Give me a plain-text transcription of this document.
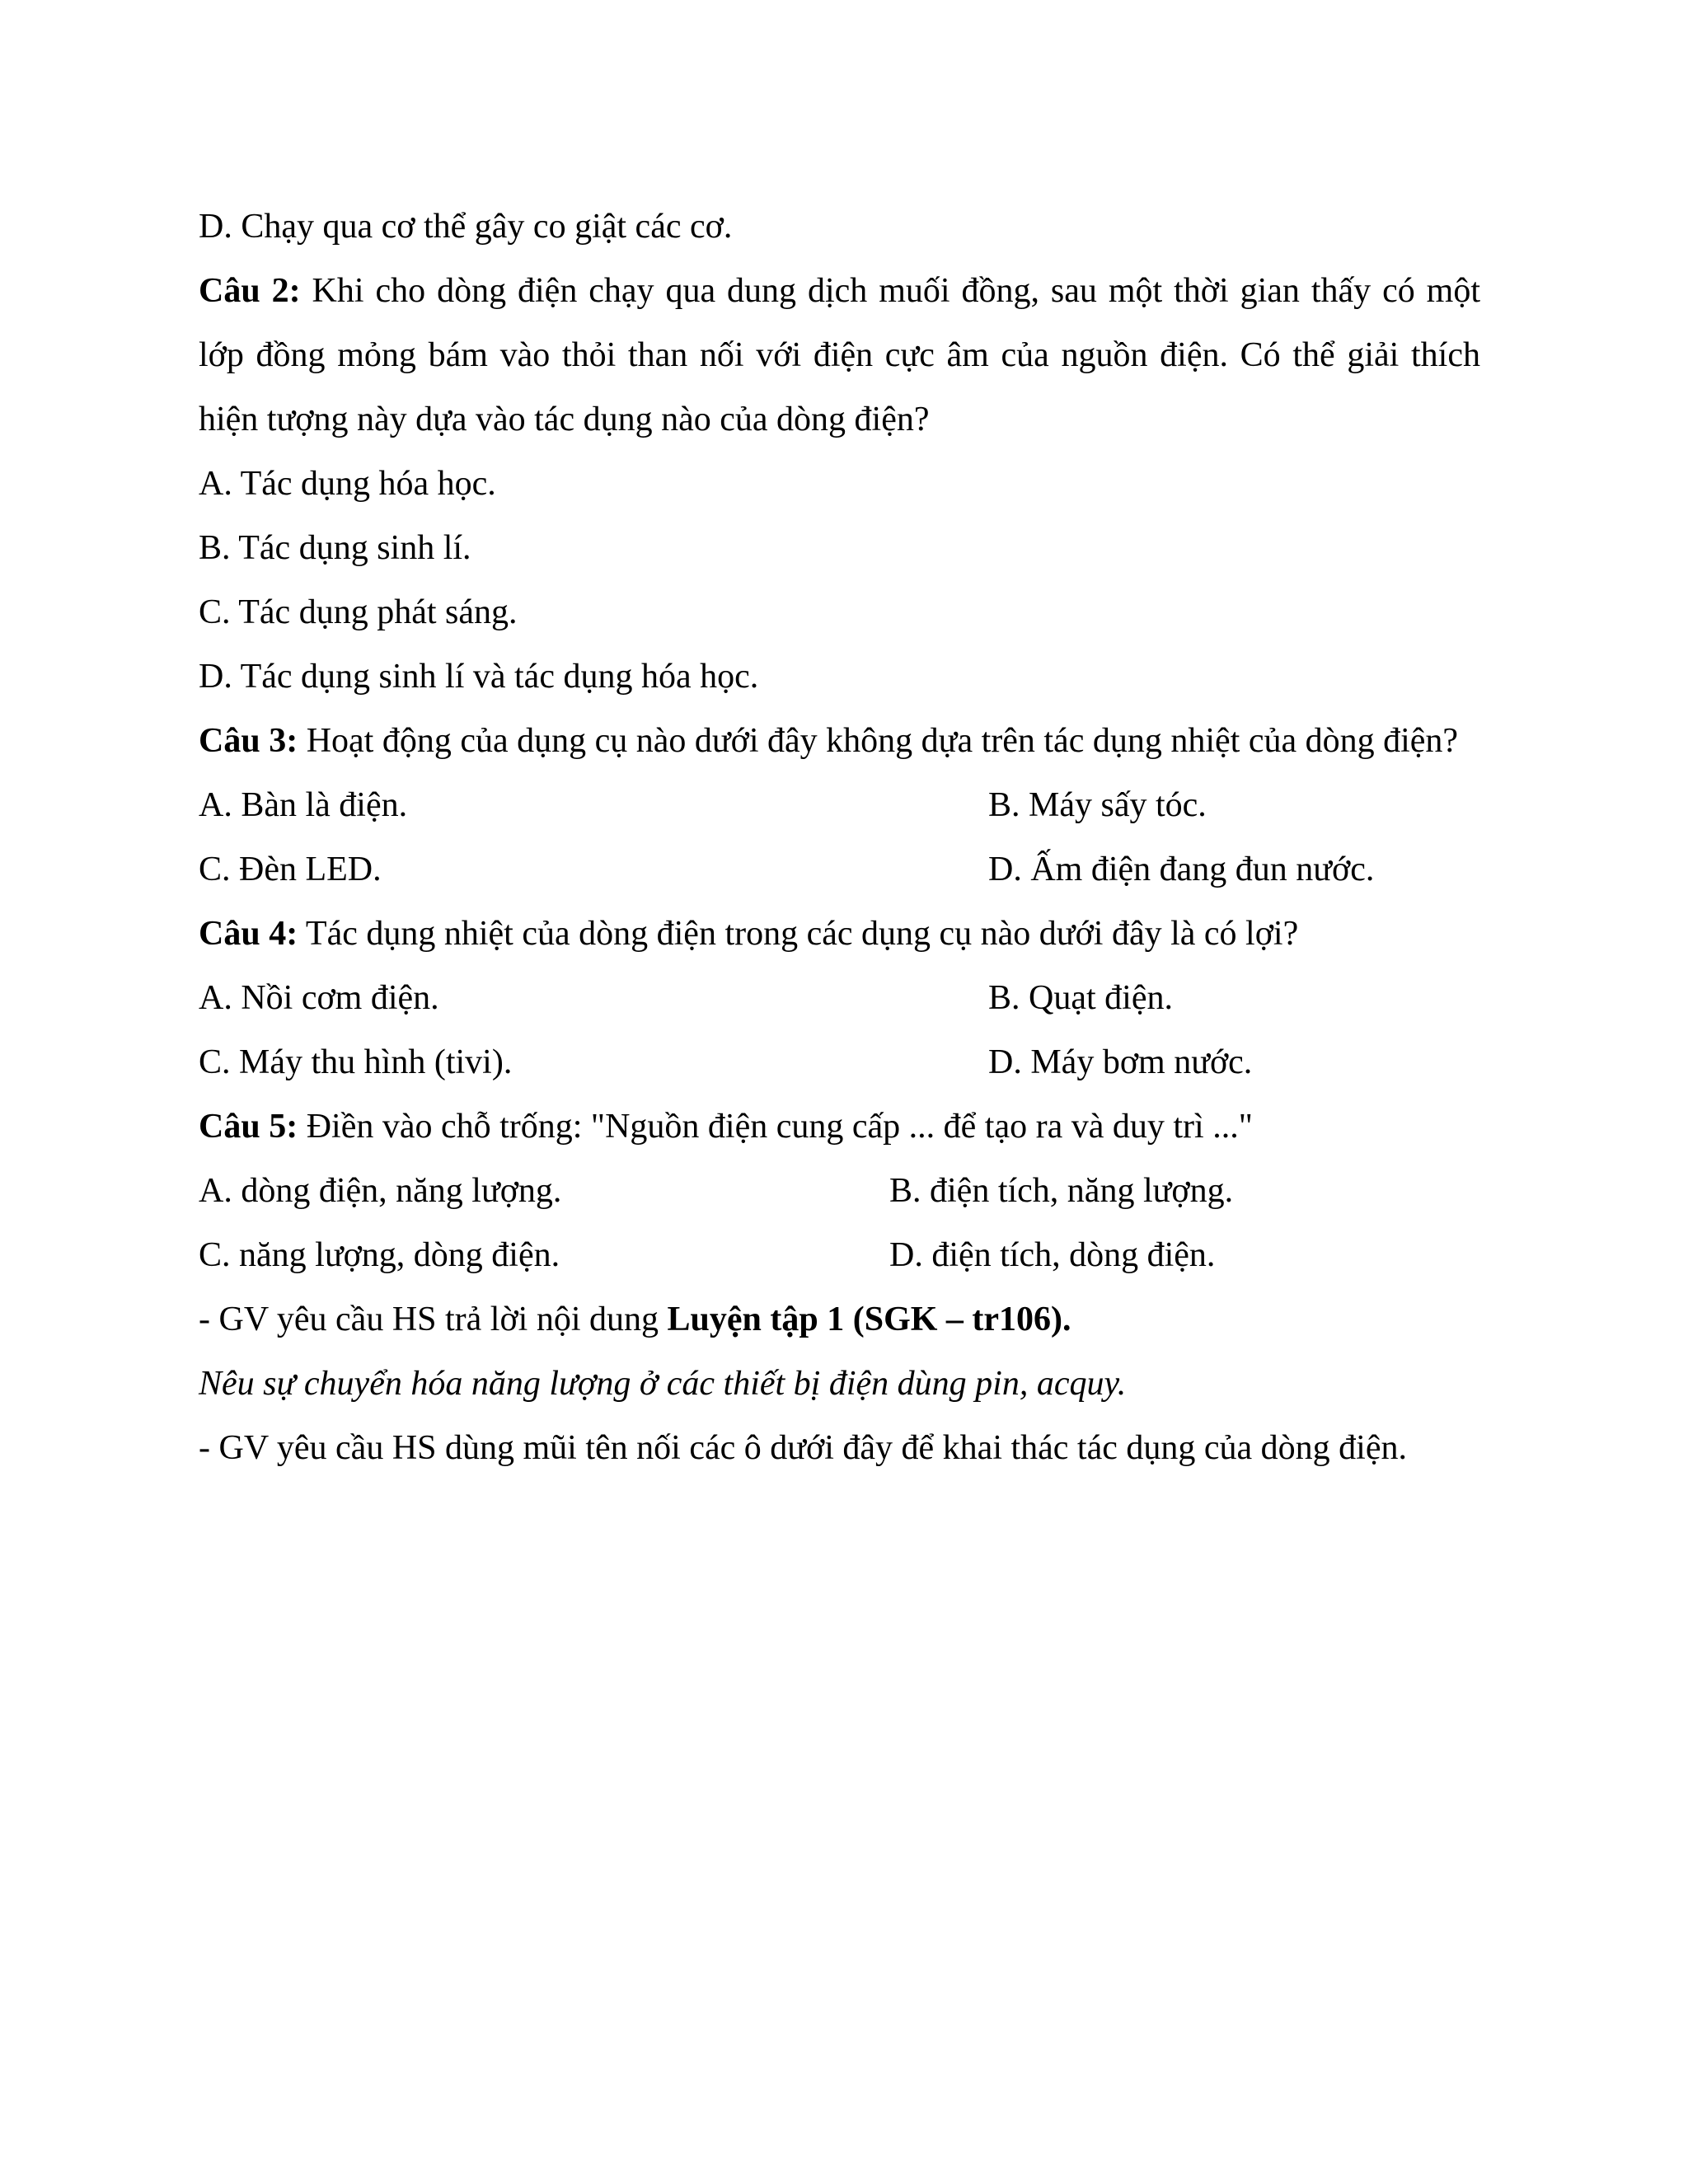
D. Chạy qua cơ thể gây co giật các cơ.

Câu 2: Khi cho dòng điện chạy qua dung dịch muối đồng, sau một thời gian thấy có một lớp đồng mỏng bám vào thỏi than nối với điện cực âm của nguồn điện. Có thể giải thích hiện tượng này dựa vào tác dụng nào của dòng điện?

A. Tác dụng hóa học.

B. Tác dụng sinh lí.

C. Tác dụng phát sáng.

D. Tác dụng sinh lí và tác dụng hóa học.

Câu 3: Hoạt động của dụng cụ nào dưới đây không dựa trên tác dụng nhiệt của dòng điện?

A. Bàn là điện.	B. Máy sấy tóc.
C. Đèn LED.	D. Ấm điện đang đun nước.

Câu 4: Tác dụng nhiệt của dòng điện trong các dụng cụ nào dưới đây là có lợi?

A. Nồi cơm điện.	B. Quạt điện.
C. Máy thu hình (tivi).	D. Máy bơm nước.

Câu 5: Điền vào chỗ trống: "Nguồn điện cung cấp ... để tạo ra và duy trì ..."

A. dòng điện, năng lượng.	B. điện tích, năng lượng.
C. năng lượng, dòng điện.	D. điện tích, dòng điện.

- GV yêu cầu HS trả lời nội dung Luyện tập 1 (SGK – tr106).

Nêu sự chuyển hóa năng lượng ở các thiết bị điện dùng pin, acquy.

- GV yêu cầu HS dùng mũi tên nối các ô dưới đây để khai thác tác dụng của dòng điện.
